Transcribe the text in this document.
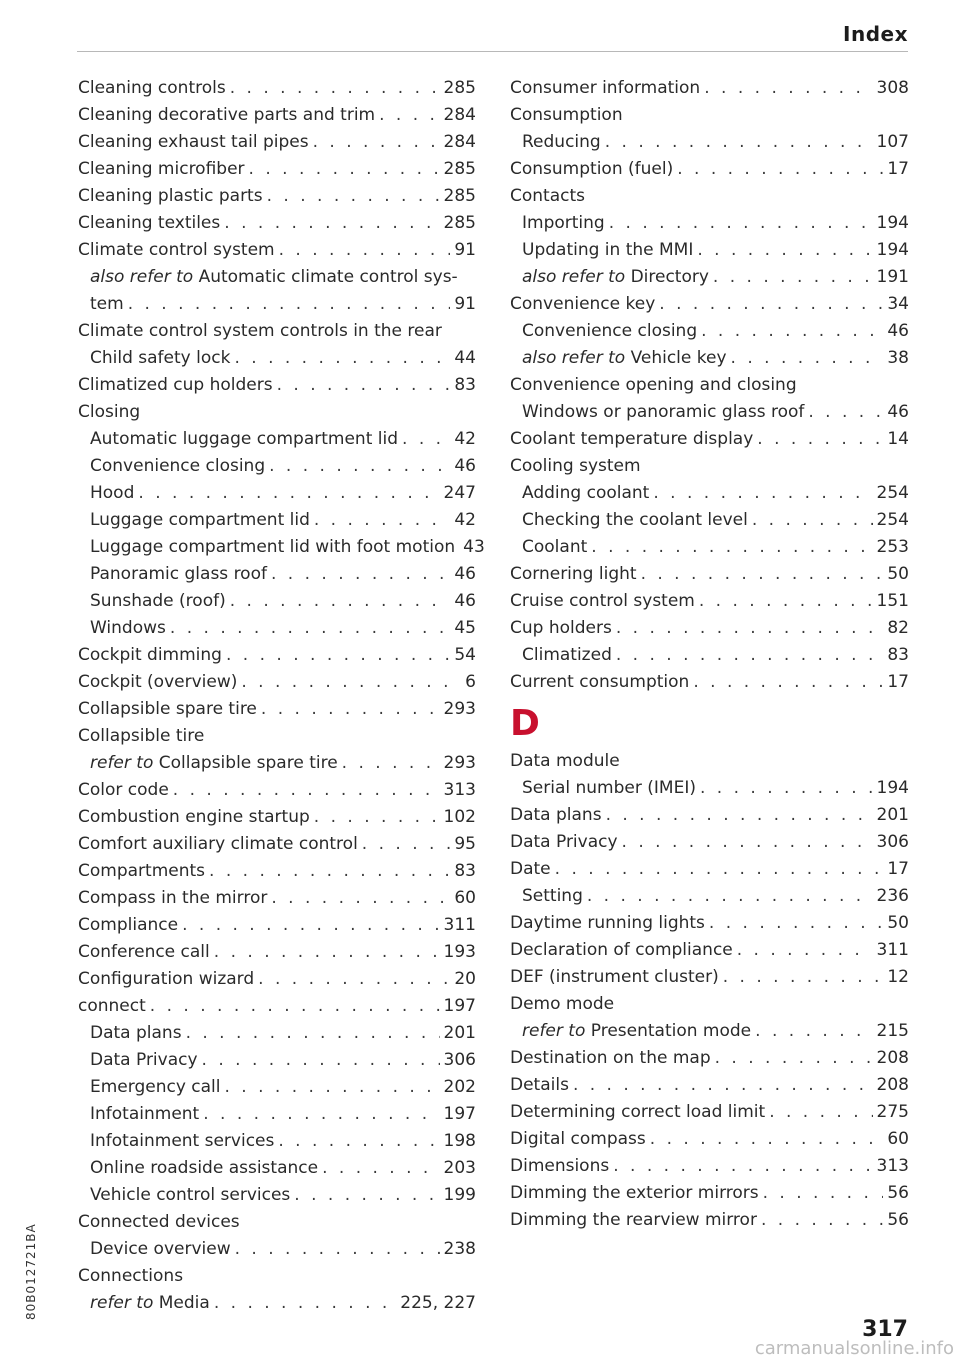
Index
Cleaning controls . . .	285
Cleaning decorative parts and trim . . .	284
Cleaning exhaust tail pipes . . .	284
Cleaning microfiber . . .	285
Cleaning plastic parts . . .	285
Cleaning textiles . . .	285
Climate control system . . .	91
also refer to Automatic climate control sys-
tem . . .	91
Climate control system controls in the rear
Child safety lock . . .	44
Climatized cup holders . . .	83
Closing
Automatic luggage compartment lid . . .	42
Convenience closing . . .	46
Hood . . .	247
Luggage compartment lid . . .	42
Luggage compartment lid with foot motion 43
Panoramic glass roof . . .	46
Sunshade (roof) . . .	46
Windows . . .	45
Cockpit dimming . . .	54
Cockpit (overview) . . .	6
Collapsible spare tire . . .	293
Collapsible tire
refer to Collapsible spare tire . . .	293
Color code . . .	313
Combustion engine startup . . .	102
Comfort auxiliary climate control . . .	95
Compartments . . .	83
Compass in the mirror . . .	60
Compliance . . .	311
Conference call . . .	193
Configuration wizard . . .	20
connect . . .	197
Data plans . . .	201
Data Privacy . . .	306
Emergency call . . .	202
Infotainment . . .	197
Infotainment services . . .	198
Online roadside assistance . . .	203
Vehicle control services . . .	199
Connected devices
Device overview . . .	238
Connections
refer to Media . . .	225, 227
Consumer information . . .	308
Consumption
Reducing . . .	107
Consumption (fuel) . . .	17
Contacts
Importing . . .	194
Updating in the MMI . . .	194
also refer to Directory . . .	191
Convenience key . . .	34
Convenience closing . . .	46
also refer to Vehicle key . . .	38
Convenience opening and closing
Windows or panoramic glass roof . . .	46
Coolant temperature display . . .	14
Cooling system
Adding coolant . . .	254
Checking the coolant level . . .	254
Coolant . . .	253
Cornering light . . .	50
Cruise control system . . .	151
Cup holders . . .	82
Climatized . . .	83
Current consumption . . .	17
D
Data module
Serial number (IMEI) . . .	194
Data plans . . .	201
Data Privacy . . .	306
Date . . .	17
Setting . . .	236
Daytime running lights . . .	50
Declaration of compliance . . .	311
DEF (instrument cluster) . . .	12
Demo mode
refer to Presentation mode . . .	215
Destination on the map . . .	208
Details . . .	208
Determining correct load limit . . .	275
Digital compass . . .	60
Dimensions . . .	313
Dimming the exterior mirrors . . .	56
Dimming the rearview mirror . . .	56
80B012721BA
317
carmanualsonline.info
